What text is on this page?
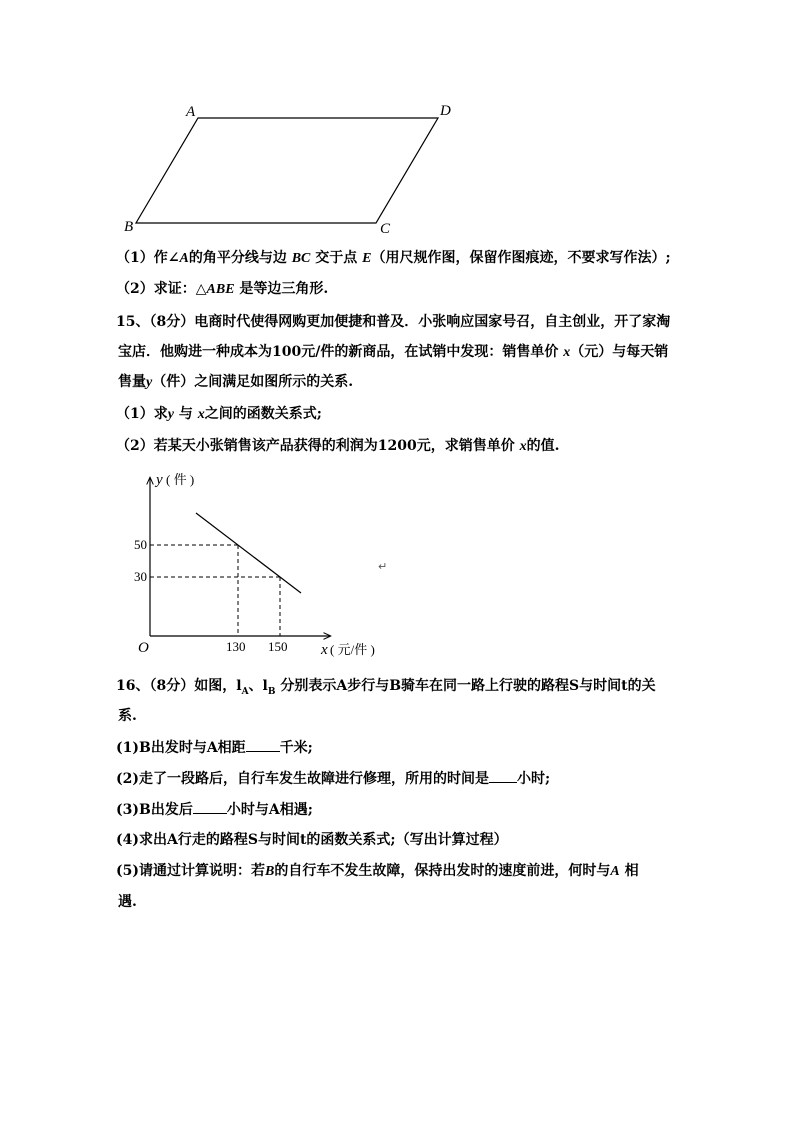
A	D
B	C
（1）作∠A的角平分线与边 BC 交于点 E（用尺规作图，保留作图痕迹，不要求写作法）;
（2）求证：△ABE 是等边三角形.
15、（8分）电商时代使得网购更加便捷和普及．小张响应国家号召，自主创业，开了家淘
宝店．他购进一种成本为100元/件的新商品，在试销中发现：销售单价 x（元）与每天销
售量y（件）之间满足如图所示的关系.
（1）求y 与 x之间的函数关系式;
（2）若某天小张销售该产品获得的利润为1200元，求销售单价 x的值.
130 150
50
30
O
y ( 件 )
x ( 元/件 )
↵
16、（8分）如图，$l_A$、$l_B$ 分别表示A步行与B骑车在同一路上行驶的路程S与时间t的关
系.
(1)B出发时与A相距 千米;
(2)走了一段路后，自行车发生故障进行修理，所用的时间是 小时;
(3)B出发后 小时与A相遇;
(4)求出A行走的路程S与时间t的函数关系式;（写出计算过程）
(5)请通过计算说明：若B的自行车不发生故障，保持出发时的速度前进，何时与A 相
遇.
